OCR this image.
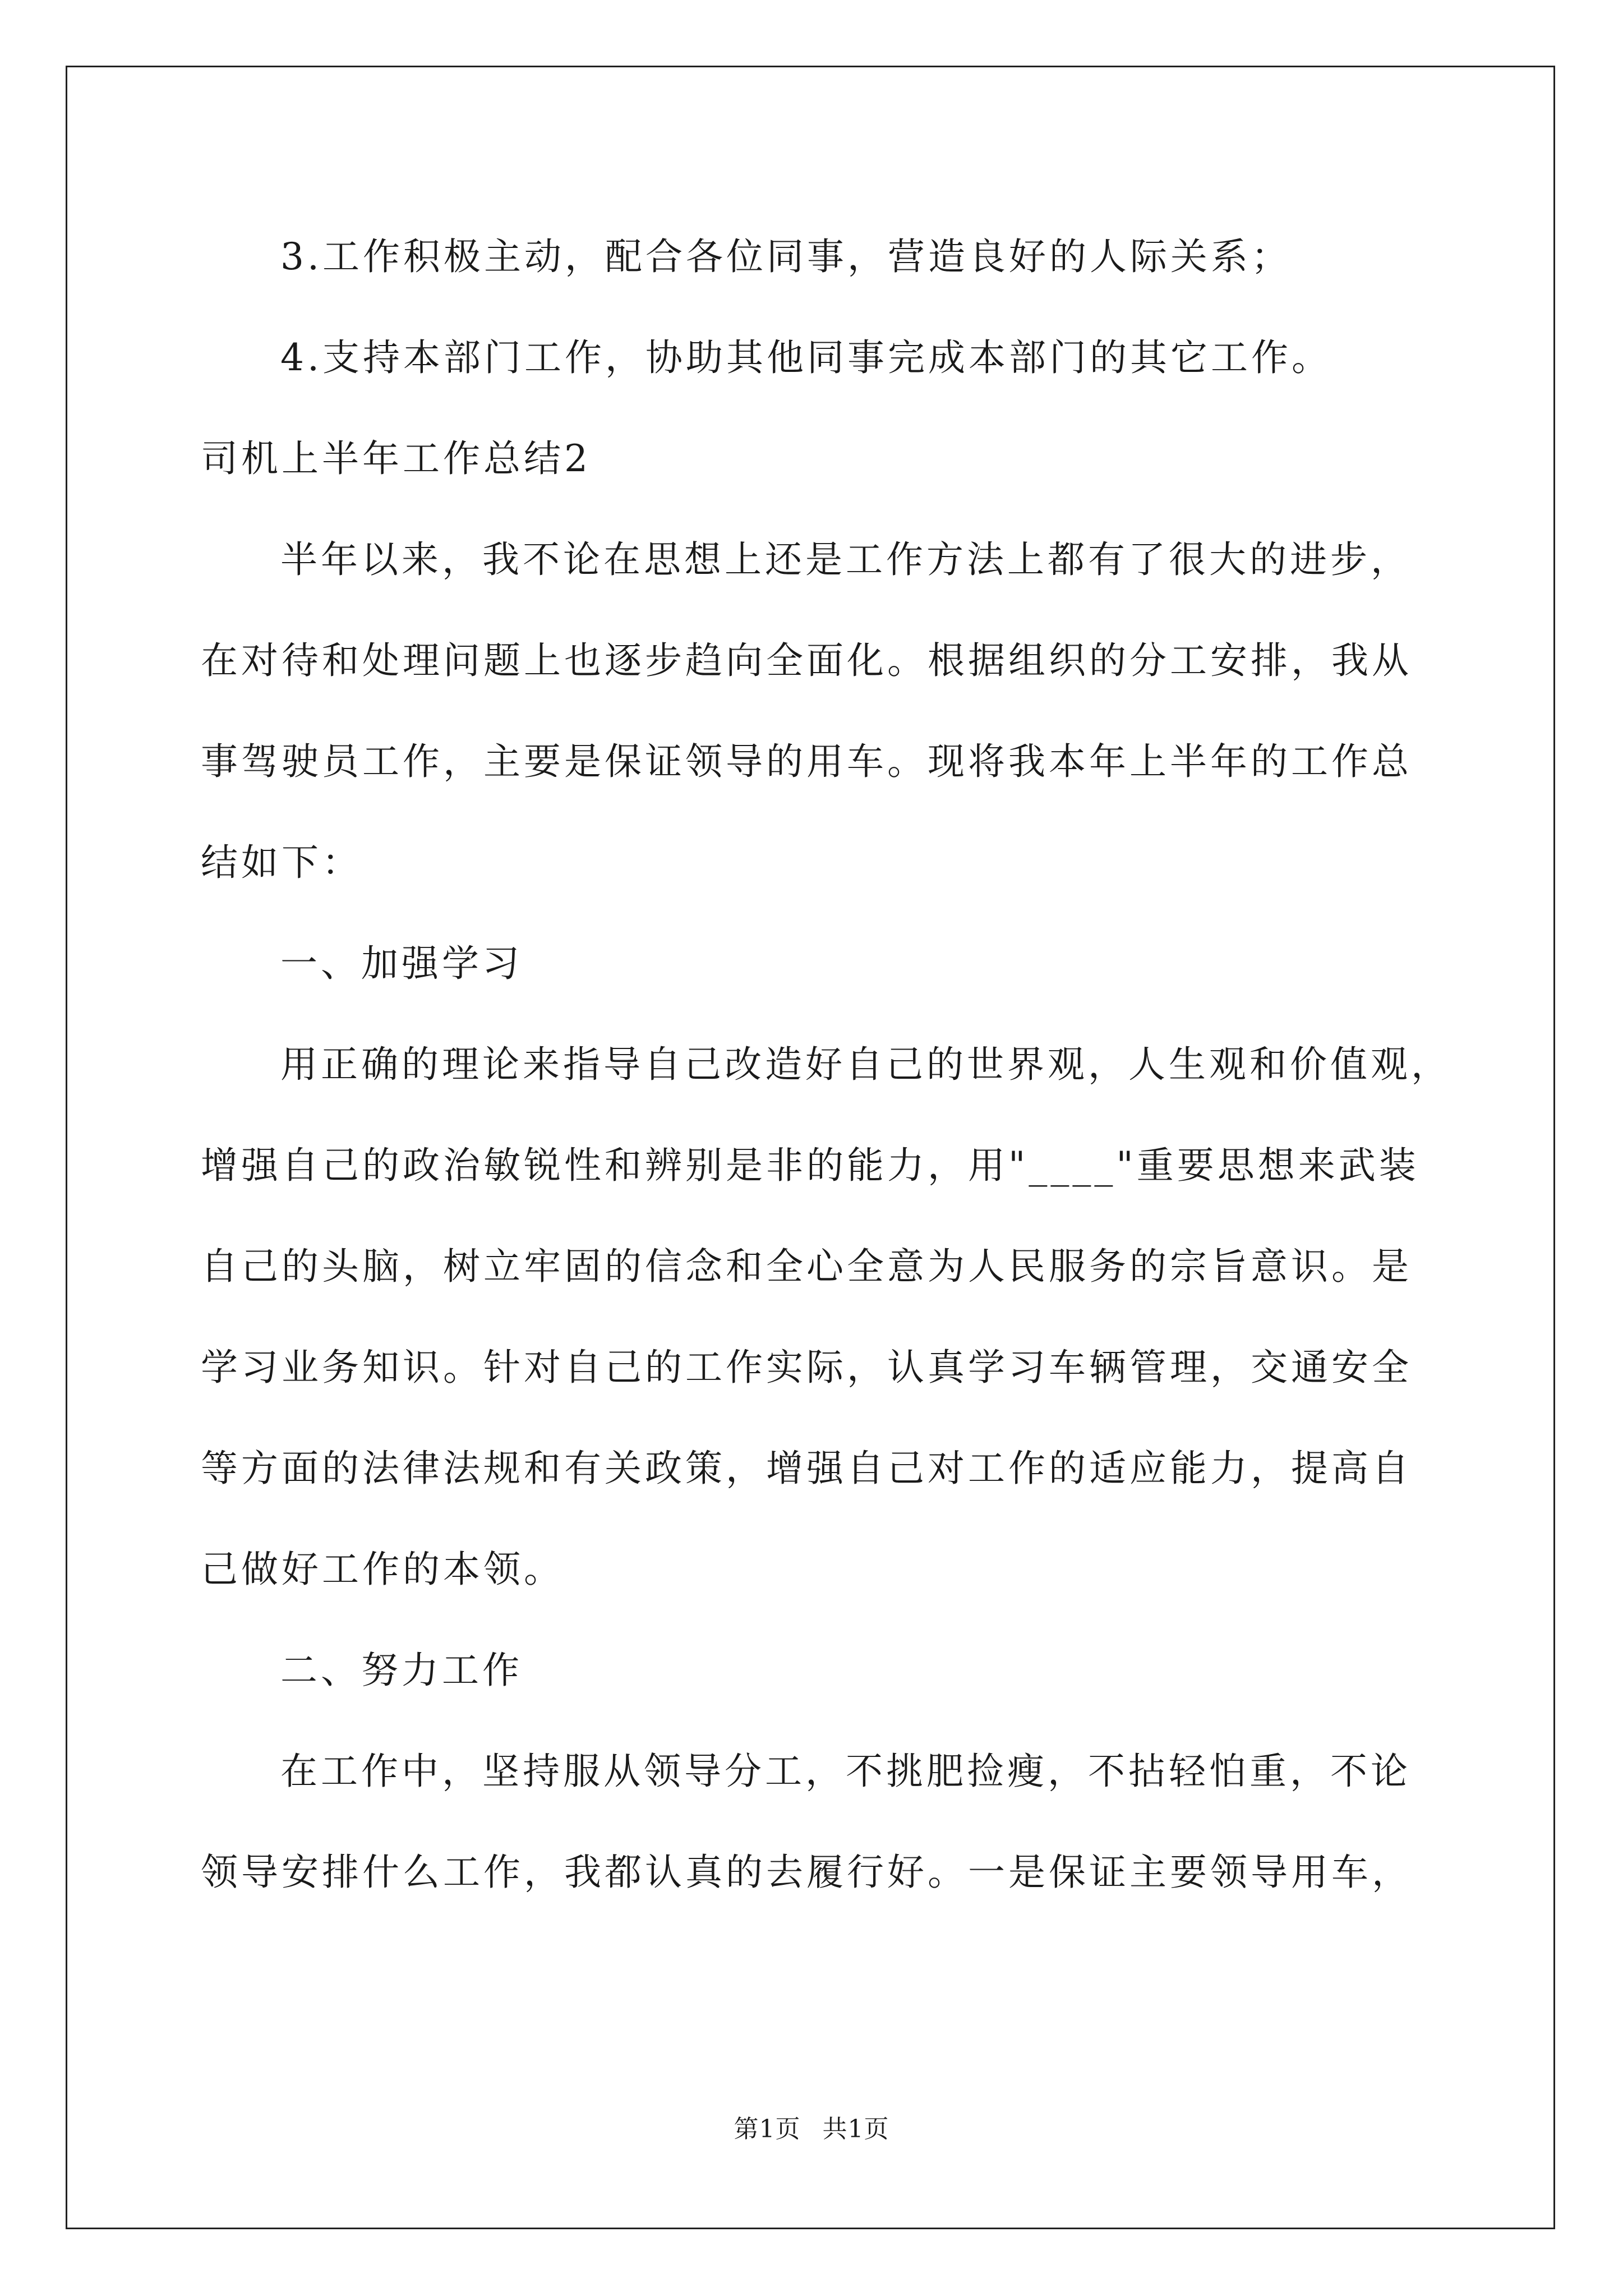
3.工作积极主动，配合各位同事，营造良好的人际关系；
4.支持本部门工作，协助其他同事完成本部门的其它工作。
司机上半年工作总结2
半年以来，我不论在思想上还是工作方法上都有了很大的进步，
在对待和处理问题上也逐步趋向全面化。根据组织的分工安排，我从
事驾驶员工作，主要是保证领导的用车。现将我本年上半年的工作总
结如下：
一、加强学习
用正确的理论来指导自己改造好自己的世界观，人生观和价值观，
增强自己的政治敏锐性和辨别是非的能力，用"____"重要思想来武装
自己的头脑，树立牢固的信念和全心全意为人民服务的宗旨意识。是
学习业务知识。针对自己的工作实际，认真学习车辆管理，交通安全
等方面的法律法规和有关政策，增强自己对工作的适应能力，提高自
己做好工作的本领。
二、努力工作
在工作中，坚持服从领导分工，不挑肥捡瘦，不拈轻怕重，不论
领导安排什么工作，我都认真的去履行好。一是保证主要领导用车，
第1页 共1页
